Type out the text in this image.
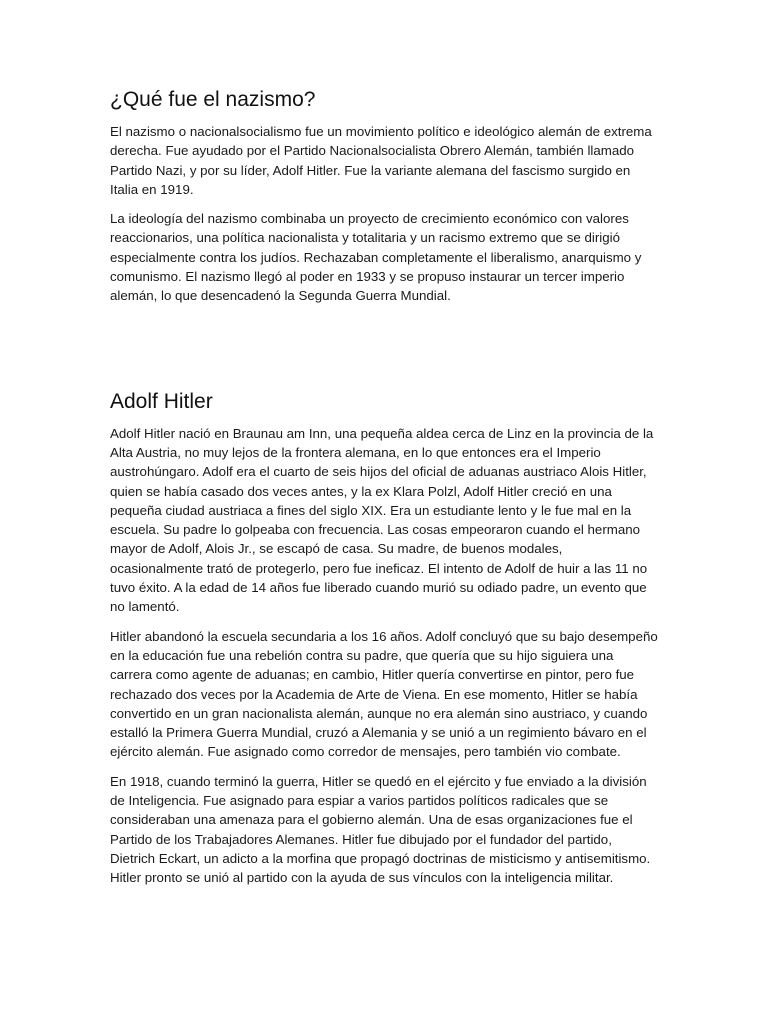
¿Qué fue el nazismo?

El nazismo o nacionalsocialismo fue un movimiento político e ideológico alemán de extrema derecha. Fue ayudado por el Partido Nacionalsocialista Obrero Alemán, también llamado Partido Nazi, y por su líder, Adolf Hitler. Fue la variante alemana del fascismo surgido en Italia en 1919.

La ideología del nazismo combinaba un proyecto de crecimiento económico con valores reaccionarios, una política nacionalista y totalitaria y un racismo extremo que se dirigió especialmente contra los judíos. Rechazaban completamente el liberalismo, anarquismo y comunismo. El nazismo llegó al poder en 1933 y se propuso instaurar un tercer imperio alemán, lo que desencadenó la Segunda Guerra Mundial.

Adolf Hitler

Adolf Hitler nació en Braunau am Inn, una pequeña aldea cerca de Linz en la provincia de la Alta Austria, no muy lejos de la frontera alemana, en lo que entonces era el Imperio austrohúngaro. Adolf era el cuarto de seis hijos del oficial de aduanas austriaco Alois Hitler, quien se había casado dos veces antes, y la ex Klara Polzl, Adolf Hitler creció en una pequeña ciudad austriaca a fines del siglo XIX. Era un estudiante lento y le fue mal en la escuela. Su padre lo golpeaba con frecuencia. Las cosas empeoraron cuando el hermano mayor de Adolf, Alois Jr., se escapó de casa. Su madre, de buenos modales, ocasionalmente trató de protegerlo, pero fue ineficaz. El intento de Adolf de huir a las 11 no tuvo éxito. A la edad de 14 años fue liberado cuando murió su odiado padre, un evento que no lamentó.

Hitler abandonó la escuela secundaria a los 16 años. Adolf concluyó que su bajo desempeño en la educación fue una rebelión contra su padre, que quería que su hijo siguiera una carrera como agente de aduanas; en cambio, Hitler quería convertirse en pintor, pero fue rechazado dos veces por la Academia de Arte de Viena. En ese momento, Hitler se había convertido en un gran nacionalista alemán, aunque no era alemán sino austriaco, y cuando estalló la Primera Guerra Mundial, cruzó a Alemania y se unió a un regimiento bávaro en el ejército alemán. Fue asignado como corredor de mensajes, pero también vio combate.

En 1918, cuando terminó la guerra, Hitler se quedó en el ejército y fue enviado a la división de Inteligencia. Fue asignado para espiar a varios partidos políticos radicales que se consideraban una amenaza para el gobierno alemán. Una de esas organizaciones fue el Partido de los Trabajadores Alemanes. Hitler fue dibujado por el fundador del partido, Dietrich Eckart, un adicto a la morfina que propagó doctrinas de misticismo y antisemitismo. Hitler pronto se unió al partido con la ayuda de sus vínculos con la inteligencia militar.
